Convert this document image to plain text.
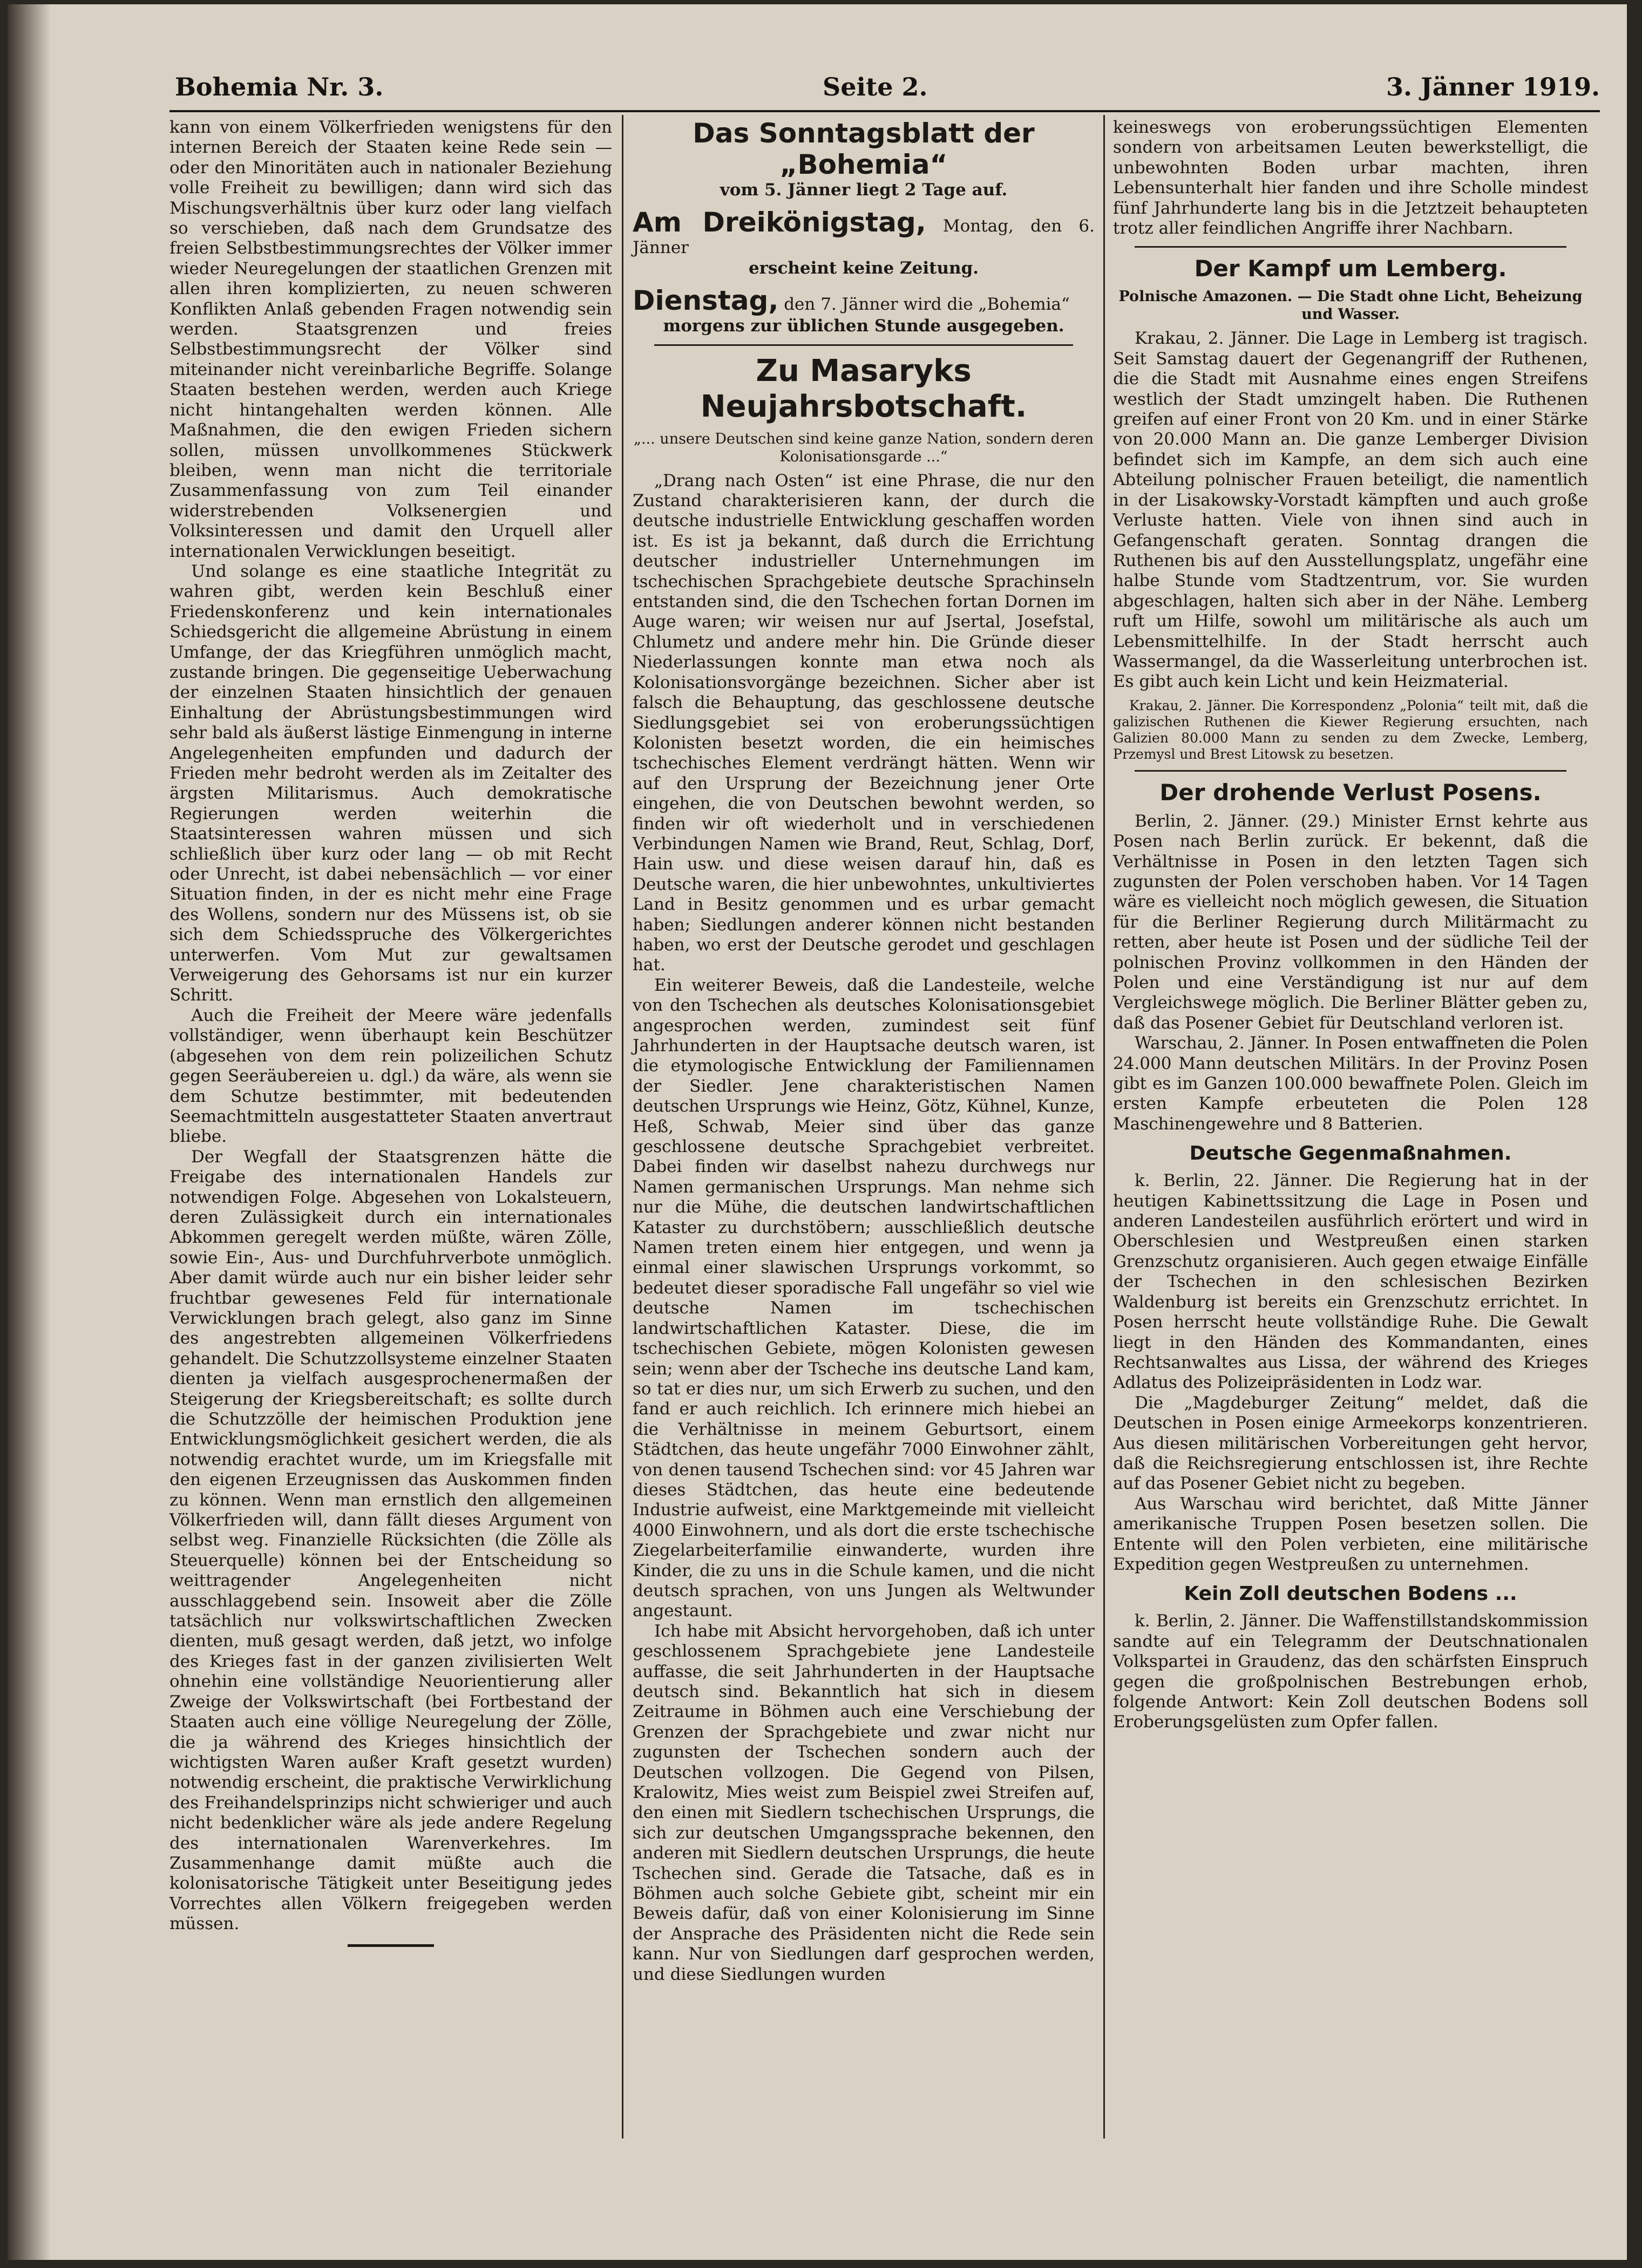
Bohemia Nr. 3.	Seite 2.	3. Jänner 1919.

kann von einem Völkerfrieden wenigstens für den internen Bereich der Staaten keine Rede sein — oder den Minoritäten auch in nationaler Beziehung volle Freiheit zu bewilligen; dann wird sich das Mischungsverhältnis über kurz oder lang vielfach so verschieben, daß nach dem Grundsatze des freien Selbstbestimmungsrechtes der Völker immer wieder Neuregelungen der staatlichen Grenzen mit allen ihren komplizierten, zu neuen schweren Konflikten Anlaß gebenden Fragen notwendig sein werden. Staatsgrenzen und freies Selbstbestimmungsrecht der Völker sind miteinander nicht vereinbarliche Begriffe. Solange Staaten bestehen werden, werden auch Kriege nicht hintangehalten werden können. Alle Maßnahmen, die den ewigen Frieden sichern sollen, müssen unvollkommenes Stückwerk bleiben, wenn man nicht die territoriale Zusammenfassung von zum Teil einander widerstrebenden Volksenergien und Volksinteressen und damit den Urquell aller internationalen Verwicklungen beseitigt.

Und solange es eine staatliche Integrität zu wahren gibt, werden kein Beschluß einer Friedenskonferenz und kein internationales Schiedsgericht die allgemeine Abrüstung in einem Umfange, der das Kriegführen unmöglich macht, zustande bringen. Die gegenseitige Ueberwachung der einzelnen Staaten hinsichtlich der genauen Einhaltung der Abrüstungsbestimmungen wird sehr bald als äußerst lästige Einmengung in interne Angelegenheiten empfunden und dadurch der Frieden mehr bedroht werden als im Zeitalter des ärgsten Militarismus. Auch demokratische Regierungen werden weiterhin die Staatsinteressen wahren müssen und sich schließlich über kurz oder lang — ob mit Recht oder Unrecht, ist dabei nebensächlich — vor einer Situation finden, in der es nicht mehr eine Frage des Wollens, sondern nur des Müssens ist, ob sie sich dem Schiedsspruche des Völkergerichtes unterwerfen. Vom Mut zur gewaltsamen Verweigerung des Gehorsams ist nur ein kurzer Schritt.

Auch die Freiheit der Meere wäre jedenfalls vollständiger, wenn überhaupt kein Beschützer (abgesehen von dem rein polizeilichen Schutz gegen Seeräubereien u. dgl.) da wäre, als wenn sie dem Schutze bestimmter, mit bedeutenden Seemachtmitteln ausgestatteter Staaten anvertraut bliebe.

Der Wegfall der Staatsgrenzen hätte die Freigabe des internationalen Handels zur notwendigen Folge. Abgesehen von Lokalsteuern, deren Zulässigkeit durch ein internationales Abkommen geregelt werden müßte, wären Zölle, sowie Ein-, Aus- und Durchfuhrverbote unmöglich. Aber damit würde auch nur ein bisher leider sehr fruchtbar gewesenes Feld für internationale Verwicklungen brach gelegt, also ganz im Sinne des angestrebten allgemeinen Völkerfriedens gehandelt. Die Schutzzollsysteme einzelner Staaten dienten ja vielfach ausgesprochenermaßen der Steigerung der Kriegsbereitschaft; es sollte durch die Schutzzölle der heimischen Produktion jene Entwicklungsmöglichkeit gesichert werden, die als notwendig erachtet wurde, um im Kriegsfalle mit den eigenen Erzeugnissen das Auskommen finden zu können. Wenn man ernstlich den allgemeinen Völkerfrieden will, dann fällt dieses Argument von selbst weg. Finanzielle Rücksichten (die Zölle als Steuerquelle) können bei der Entscheidung so weittragender Angelegenheiten nicht ausschlaggebend sein. Insoweit aber die Zölle tatsächlich nur volkswirtschaftlichen Zwecken dienten, muß gesagt werden, daß jetzt, wo infolge des Krieges fast in der ganzen zivilisierten Welt ohnehin eine vollständige Neuorientierung aller Zweige der Volkswirtschaft (bei Fortbestand der Staaten auch eine völlige Neuregelung der Zölle, die ja während des Krieges hinsichtlich der wichtigsten Waren außer Kraft gesetzt wurden) notwendig erscheint, die praktische Verwirklichung des Freihandelsprinzips nicht schwieriger und auch nicht bedenklicher wäre als jede andere Regelung des internationalen Warenverkehres. Im Zusammenhange damit müßte auch die kolonisatorische Tätigkeit unter Beseitigung jedes Vorrechtes allen Völkern freigegeben werden müssen.

Das Sonntagsblatt der „Bohemia“

vom 5. Jänner liegt 2 Tage auf.

Am Dreikönigstag, Montag, den 6. Jänner

erscheint keine Zeitung.

Dienstag, den 7. Jänner wird die „Bohemia“

morgens zur üblichen Stunde ausgegeben.

Zu Masaryks Neujahrsbotschaft.

„... unsere Deutschen sind keine ganze Nation, sondern deren Kolonisationsgarde ...“

„Drang nach Osten“ ist eine Phrase, die nur den Zustand charakterisieren kann, der durch die deutsche industrielle Entwicklung geschaffen worden ist. Es ist ja bekannt, daß durch die Errichtung deutscher industrieller Unternehmungen im tschechischen Sprachgebiete deutsche Sprachinseln entstanden sind, die den Tschechen fortan Dornen im Auge waren; wir weisen nur auf Jsertal, Josefstal, Chlumetz und andere mehr hin. Die Gründe dieser Niederlassungen konnte man etwa noch als Kolonisationsvorgänge bezeichnen. Sicher aber ist falsch die Behauptung, das geschlossene deutsche Siedlungsgebiet sei von eroberungssüchtigen Kolonisten besetzt worden, die ein heimisches tschechisches Element verdrängt hätten. Wenn wir auf den Ursprung der Bezeichnung jener Orte eingehen, die von Deutschen bewohnt werden, so finden wir oft wiederholt und in verschiedenen Verbindungen Namen wie Brand, Reut, Schlag, Dorf, Hain usw. und diese weisen darauf hin, daß es Deutsche waren, die hier unbewohntes, unkultiviertes Land in Besitz genommen und es urbar gemacht haben; Siedlungen anderer können nicht bestanden haben, wo erst der Deutsche gerodet und geschlagen hat.

Ein weiterer Beweis, daß die Landesteile, welche von den Tschechen als deutsches Kolonisationsgebiet angesprochen werden, zumindest seit fünf Jahrhunderten in der Hauptsache deutsch waren, ist die etymologische Entwicklung der Familiennamen der Siedler. Jene charakteristischen Namen deutschen Ursprungs wie Heinz, Götz, Kühnel, Kunze, Heß, Schwab, Meier sind über das ganze geschlossene deutsche Sprachgebiet verbreitet. Dabei finden wir daselbst nahezu durchwegs nur Namen germanischen Ursprungs. Man nehme sich nur die Mühe, die deutschen landwirtschaftlichen Kataster zu durchstöbern; ausschließlich deutsche Namen treten einem hier entgegen, und wenn ja einmal einer slawischen Ursprungs vorkommt, so bedeutet dieser sporadische Fall ungefähr so viel wie deutsche Namen im tschechischen landwirtschaftlichen Kataster. Diese, die im tschechischen Gebiete, mögen Kolonisten gewesen sein; wenn aber der Tscheche ins deutsche Land kam, so tat er dies nur, um sich Erwerb zu suchen, und den fand er auch reichlich. Ich erinnere mich hiebei an die Verhältnisse in meinem Geburtsort, einem Städtchen, das heute ungefähr 7000 Einwohner zählt, von denen tausend Tschechen sind: vor 45 Jahren war dieses Städtchen, das heute eine bedeutende Industrie aufweist, eine Marktgemeinde mit vielleicht 4000 Einwohnern, und als dort die erste tschechische Ziegelarbeiterfamilie einwanderte, wurden ihre Kinder, die zu uns in die Schule kamen, und die nicht deutsch sprachen, von uns Jungen als Weltwunder angestaunt.

Ich habe mit Absicht hervorgehoben, daß ich unter geschlossenem Sprachgebiete jene Landesteile auffasse, die seit Jahrhunderten in der Hauptsache deutsch sind. Bekanntlich hat sich in diesem Zeitraume in Böhmen auch eine Verschiebung der Grenzen der Sprachgebiete und zwar nicht nur zugunsten der Tschechen sondern auch der Deutschen vollzogen. Die Gegend von Pilsen, Kralowitz, Mies weist zum Beispiel zwei Streifen auf, den einen mit Siedlern tschechischen Ursprungs, die sich zur deutschen Umgangssprache bekennen, den anderen mit Siedlern deutschen Ursprungs, die heute Tschechen sind. Gerade die Tatsache, daß es in Böhmen auch solche Gebiete gibt, scheint mir ein Beweis dafür, daß von einer Kolonisierung im Sinne der Ansprache des Präsidenten nicht die Rede sein kann. Nur von Siedlungen darf gesprochen werden, und diese Siedlungen wurden

keineswegs von eroberungssüchtigen Elementen sondern von arbeitsamen Leuten bewerkstelligt, die unbewohnten Boden urbar machten, ihren Lebensunterhalt hier fanden und ihre Scholle mindest fünf Jahrhunderte lang bis in die Jetztzeit behaupteten trotz aller feindlichen Angriffe ihrer Nachbarn.

Der Kampf um Lemberg.

Polnische Amazonen. — Die Stadt ohne Licht, Beheizung und Wasser.

Krakau, 2. Jänner. Die Lage in Lemberg ist tragisch. Seit Samstag dauert der Gegenangriff der Ruthenen, die die Stadt mit Ausnahme eines engen Streifens westlich der Stadt umzingelt haben. Die Ruthenen greifen auf einer Front von 20 Km. und in einer Stärke von 20.000 Mann an. Die ganze Lemberger Division befindet sich im Kampfe, an dem sich auch eine Abteilung polnischer Frauen beteiligt, die namentlich in der Lisakowsky-Vorstadt kämpften und auch große Verluste hatten. Viele von ihnen sind auch in Gefangenschaft geraten. Sonntag drangen die Ruthenen bis auf den Ausstellungsplatz, ungefähr eine halbe Stunde vom Stadtzentrum, vor. Sie wurden abgeschlagen, halten sich aber in der Nähe. Lemberg ruft um Hilfe, sowohl um militärische als auch um Lebensmittelhilfe. In der Stadt herrscht auch Wassermangel, da die Wasserleitung unterbrochen ist. Es gibt auch kein Licht und kein Heizmaterial.

Krakau, 2. Jänner. Die Korrespondenz „Polonia“ teilt mit, daß die galizischen Ruthenen die Kiewer Regierung ersuchten, nach Galizien 80.000 Mann zu senden zu dem Zwecke, Lemberg, Przemysl und Brest Litowsk zu besetzen.

Der drohende Verlust Posens.

Berlin, 2. Jänner. (29.) Minister Ernst kehrte aus Posen nach Berlin zurück. Er bekennt, daß die Verhältnisse in Posen in den letzten Tagen sich zugunsten der Polen verschoben haben. Vor 14 Tagen wäre es vielleicht noch möglich gewesen, die Situation für die Berliner Regierung durch Militärmacht zu retten, aber heute ist Posen und der südliche Teil der polnischen Provinz vollkommen in den Händen der Polen und eine Verständigung ist nur auf dem Vergleichswege möglich. Die Berliner Blätter geben zu, daß das Posener Gebiet für Deutschland verloren ist.

Warschau, 2. Jänner. In Posen entwaffneten die Polen 24.000 Mann deutschen Militärs. In der Provinz Posen gibt es im Ganzen 100.000 bewaffnete Polen. Gleich im ersten Kampfe erbeuteten die Polen 128 Maschinengewehre und 8 Batterien.

Deutsche Gegenmaßnahmen.

k. Berlin, 22. Jänner. Die Regierung hat in der heutigen Kabinettssitzung die Lage in Posen und anderen Landesteilen ausführlich erörtert und wird in Oberschlesien und Westpreußen einen starken Grenzschutz organisieren. Auch gegen etwaige Einfälle der Tschechen in den schlesischen Bezirken Waldenburg ist bereits ein Grenzschutz errichtet. In Posen herrscht heute vollständige Ruhe. Die Gewalt liegt in den Händen des Kommandanten, eines Rechtsanwaltes aus Lissa, der während des Krieges Adlatus des Polizeipräsidenten in Lodz war.

Die „Magdeburger Zeitung“ meldet, daß die Deutschen in Posen einige Armeekorps konzentrieren. Aus diesen militärischen Vorbereitungen geht hervor, daß die Reichsregierung entschlossen ist, ihre Rechte auf das Posener Gebiet nicht zu begeben.

Aus Warschau wird berichtet, daß Mitte Jänner amerikanische Truppen Posen besetzen sollen. Die Entente will den Polen verbieten, eine militärische Expedition gegen Westpreußen zu unternehmen.

Kein Zoll deutschen Bodens ...

k. Berlin, 2. Jänner. Die Waffenstillstandskommission sandte auf ein Telegramm der Deutschnationalen Volkspartei in Graudenz, das den schärfsten Einspruch gegen die großpolnischen Bestrebungen erhob, folgende Antwort: Kein Zoll deutschen Bodens soll Eroberungsgelüsten zum Opfer fallen.
